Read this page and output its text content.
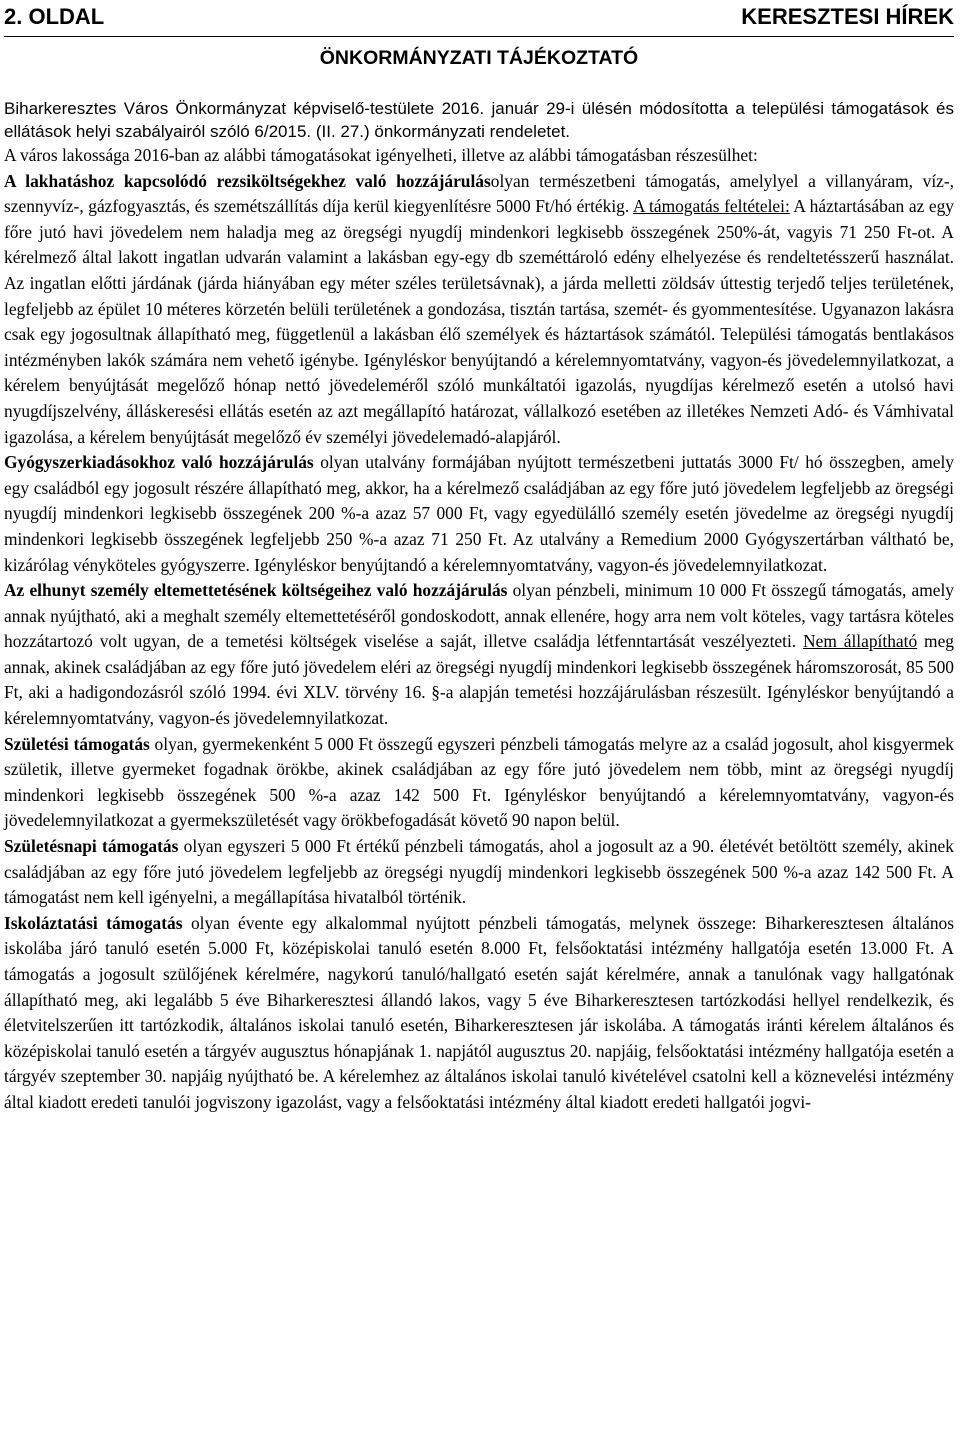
2. OLDAL	KERESZTESI HÍREK
ÖNKORMÁNYZATI TÁJÉKOZTATÓ
Biharkeresztes Város Önkormányzat képviselő-testülete 2016. január 29-i ülésén módosította a települési támogatások és ellátások helyi szabályairól szóló 6/2015. (II. 27.) önkormányzati rendeletet.

A város lakossága 2016-ban az alábbi támogatásokat igényelheti, illetve az alábbi támogatásban részesülhet:

A lakhatáshoz kapcsolódó rezsiköltségekhez való hozzájárulásolyan természetbeni támogatás, amelylyel a villanyáram, víz-, szennyvíz-, gázfogyasztás, és szemétszállítás díja kerül kiegyenlítésre 5000 Ft/hó értékig. A támogatás feltételei: A háztartásában az egy főre jutó havi jövedelem nem haladja meg az öregségi nyugdíj mindenkori legkisebb összegének 250%-át, vagyis 71 250 Ft-ot. A kérelmező által lakott ingatlan udvarán valamint a lakásban egy-egy db szeméttároló edény elhelyezése és rendeltetésszerű használat. Az ingatlan előtti járdának (járda hiányában egy méter széles területsávnak), a járda melletti zöldsáv úttestig terjedő teljes területének, legfeljebb az épület 10 méteres körzetén belüli területének a gondozása, tisztán tartása, szemét- és gyommentesítése. Ugyanazon lakásra csak egy jogosultnak állapítható meg, függetlenül a lakásban élő személyek és háztartások számától. Települési támogatás bentlakásos intézményben lakók számára nem vehető igénybe. Igényléskor benyújtandó a kérelemnyomtatvány, vagyon-és jövedelemnyilatkozat, a kérelem benyújtását megelőző hónap nettó jövedeleméről szóló munkáltatói igazolás, nyugdíjas kérelmező esetén a utolsó havi nyugdíjszelvény, álláskeresési ellátás esetén az azt megállapító határozat, vállalkozó esetében az illetékes Nemzeti Adó- és Vámhivatal igazolása, a kérelem benyújtását megelőző év személyi jövedelemadó-alapjáról.

Gyógyszerkiadásokhoz való hozzájárulás olyan utalvány formájában nyújtott természetbeni juttatás 3000 Ft/ hó összegben, amely egy családból egy jogosult részére állapítható meg, akkor, ha a kérelmező családjában az egy főre jutó jövedelem legfeljebb az öregségi nyugdíj mindenkori legkisebb összegének 200 %-a azaz 57 000 Ft, vagy egyedülálló személy esetén jövedelme az öregségi nyugdíj mindenkori legkisebb összegének legfeljebb 250 %-a azaz 71 250 Ft. Az utalvány a Remedium 2000 Gyógyszertárban váltható be, kizárólag vényköteles gyógyszerre. Igényléskor benyújtandó a kérelemnyomtatvány, vagyon-és jövedelemnyilatkozat.

Az elhunyt személy eltemettetésének költségeihez való hozzájárulás olyan pénzbeli, minimum 10 000 Ft összegű támogatás, amely annak nyújtható, aki a meghalt személy eltemettetéséről gondoskodott, annak ellenére, hogy arra nem volt köteles, vagy tartásra köteles hozzátartozó volt ugyan, de a temetési költségek viselése a saját, illetve családja létfenntartását veszélyezteti. Nem állapítható meg annak, akinek családjában az egy főre jutó jövedelem eléri az öregségi nyugdíj mindenkori legkisebb összegének háromszorosát, 85 500 Ft, aki a hadigondozásról szóló 1994. évi XLV. törvény 16. §-a alapján temetési hozzájárulásban részesült. Igényléskor benyújtandó a kérelemnyomtatvány, vagyon-és jövedelemnyilatkozat.

Születési támogatás olyan, gyermekenként 5 000 Ft összegű egyszeri pénzbeli támogatás melyre az a család jogosult, ahol kisgyermek születik, illetve gyermeket fogadnak örökbe, akinek családjában az egy főre jutó jövedelem nem több, mint az öregségi nyugdíj mindenkori legkisebb összegének 500 %-a azaz 142 500 Ft. Igényléskor benyújtandó a kérelemnyomtatvány, vagyon-és jövedelemnyilatkozat a gyermekszületését vagy örökbefogadását követő 90 napon belül.

Születésnapi támogatás olyan egyszeri 5 000 Ft értékű pénzbeli támogatás, ahol a jogosult az a 90. életévét betöltött személy, akinek családjában az egy főre jutó jövedelem legfeljebb az öregségi nyugdíj mindenkori legkisebb összegének 500 %-a azaz 142 500 Ft. A támogatást nem kell igényelni, a megállapítása hivatalból történik.

Iskoláztatási támogatás olyan évente egy alkalommal nyújtott pénzbeli támogatás, melynek összege: Biharkeresztesen általános iskolába járó tanuló esetén 5.000 Ft, középiskolai tanuló esetén 8.000 Ft, felsőoktatási intézmény hallgatója esetén 13.000 Ft. A támogatás a jogosult szülőjének kérelmére, nagykorú tanuló/hallgató esetén saját kérelmére, annak a tanulónak vagy hallgatónak állapítható meg, aki legalább 5 éve Biharkeresztesi állandó lakos, vagy 5 éve Biharkeresztesen tartózkodási hellyel rendelkezik, és életvitelszerűen itt tartózkodik, általános iskolai tanuló esetén, Biharkeresztesen jár iskolába. A támogatás iránti kérelem általános és középiskolai tanuló esetén a tárgyév augusztus hónapjának 1. napjától augusztus 20. napjáig, felsőoktatási intézmény hallgatója esetén a tárgyév szeptember 30. napjáig nyújtható be. A kérelemhez az általános iskolai tanuló kivételével csatolni kell a köznevelési intézmény által kiadott eredeti tanulói jogviszony igazolást, vagy a felsőoktatási intézmény által kiadott eredeti hallgatói jogvi-
